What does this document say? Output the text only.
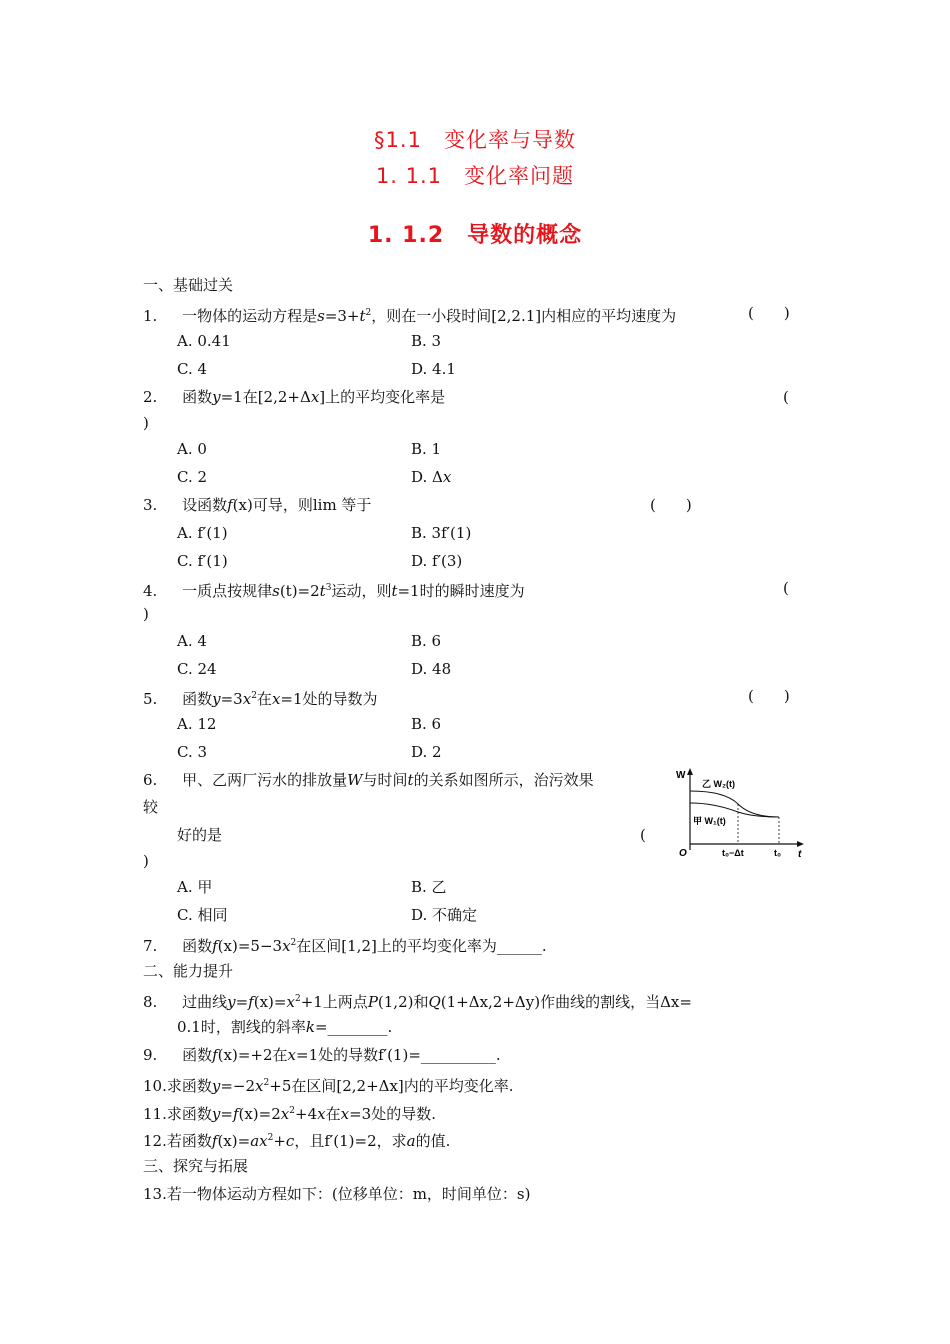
§1.1　变化率与导数
1. 1.1　变化率问题
1. 1.2　导数的概念
一、基础过关
1. 一物体的运动方程是$s=3+t^2$，则在一小段时间[2,2.1]内相应的平均速度为	(　　)
A. 0.41	B. 3
C. 4	D. 4.1
2. 函数y=1在[2,2+Δx]上的平均变化率是	(
)
A. 0	B. 1
C. 2	D. Δx
3. 设函数f(x)可导，则lim 等于	(　　)
A. f′(1)	B. 3f′(1)
C. f′(1)	D. f′(3)
4. 一质点按规律$s(t)=2t^3$运动，则t=1时的瞬时速度为	(
)
A. 4	B. 6
C. 24	D. 48
5. 函数$y=3x^2$在x=1处的导数为	(　　)
A. 12	B. 6
C. 3	D. 2
6. 甲、乙两厂污水的排放量W与时间t的关系如图所示，治污效果
较
好的是	(
)
A. 甲	B. 乙
C. 相同	D. 不确定
W
t
O
乙 W₂(t)
甲 W₁(t)
t₀−Δt	t₀
7. 函数$f(x)=5-3x^2$在区间[1,2]上的平均变化率为______.
二、能力提升
8. 过曲线$y=f(x)=x^2+1$上两点P(1,2)和Q(1+Δx,2+Δy)作曲线的割线，当Δx=
0.1时，割线的斜率k=________.
9. 函数f(x)=+2在x=1处的导数f′(1)=__________.
10.求函数$y=-2x^2+5$在区间[2,2+Δx]内的平均变化率.
11.求函数$y=f(x)=2x^2+4x$在x=3处的导数.
12.若函数$f(x)=ax^2+c$，且f′(1)=2，求a的值.
三、探究与拓展
13.若一物体运动方程如下：(位移单位：m，时间单位：s)
